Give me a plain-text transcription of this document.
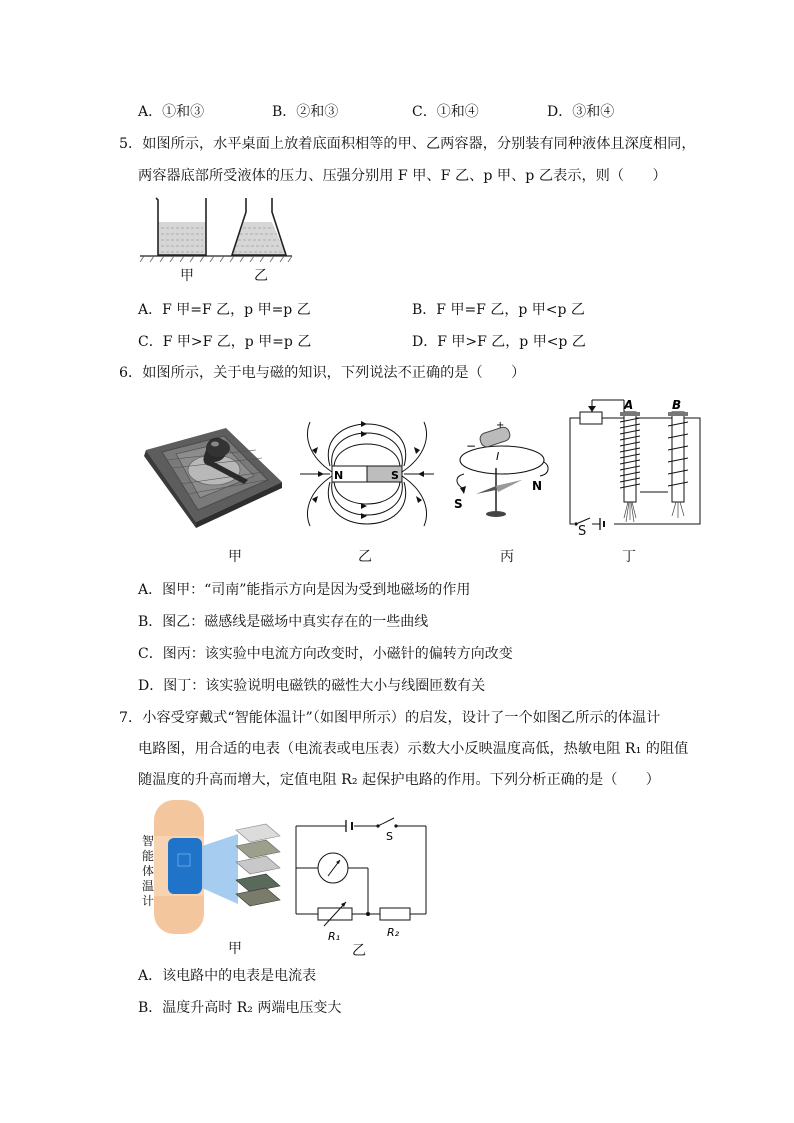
A．①和③	B．②和③	C．①和④	D．③和④
5．如图所示，水平桌面上放着底面积相等的甲、乙两容器，分别装有同种液体且深度相同，
两容器底部所受液体的压力、压强分别用 F 甲、F 乙、p 甲、p 乙表示，则（　　）
甲	乙
A．F 甲=F 乙，p 甲=p 乙	B．F 甲=F 乙，p 甲<p 乙
C．F 甲>F 乙，p 甲=p 乙	D．F 甲>F 乙，p 甲<p 乙
6．如图所示，关于电与磁的知识，下列说法不正确的是（　　）
甲
N	S
乙
+
−
I
S
N
丙
A	B
S
丁
A．图甲：“司南”能指示方向是因为受到地磁场的作用
B．图乙：磁感线是磁场中真实存在的一些曲线
C．图丙：该实验中电流方向改变时，小磁针的偏转方向改变
D．图丁：该实验说明电磁铁的磁性大小与线圈匝数有关
7．小容受穿戴式“智能体温计”（如图甲所示）的启发，设计了一个如图乙所示的体温计
电路图，用合适的电表（电流表或电压表）示数大小反映温度高低，热敏电阻 R₁ 的阻值
随温度的升高而增大，定值电阻 R₂ 起保护电路的作用。下列分析正确的是（　　）
智
能
体
温
计
甲
S
R₁	R₂
乙
A．该电路中的电表是电流表
B．温度升高时 R₂ 两端电压变大
